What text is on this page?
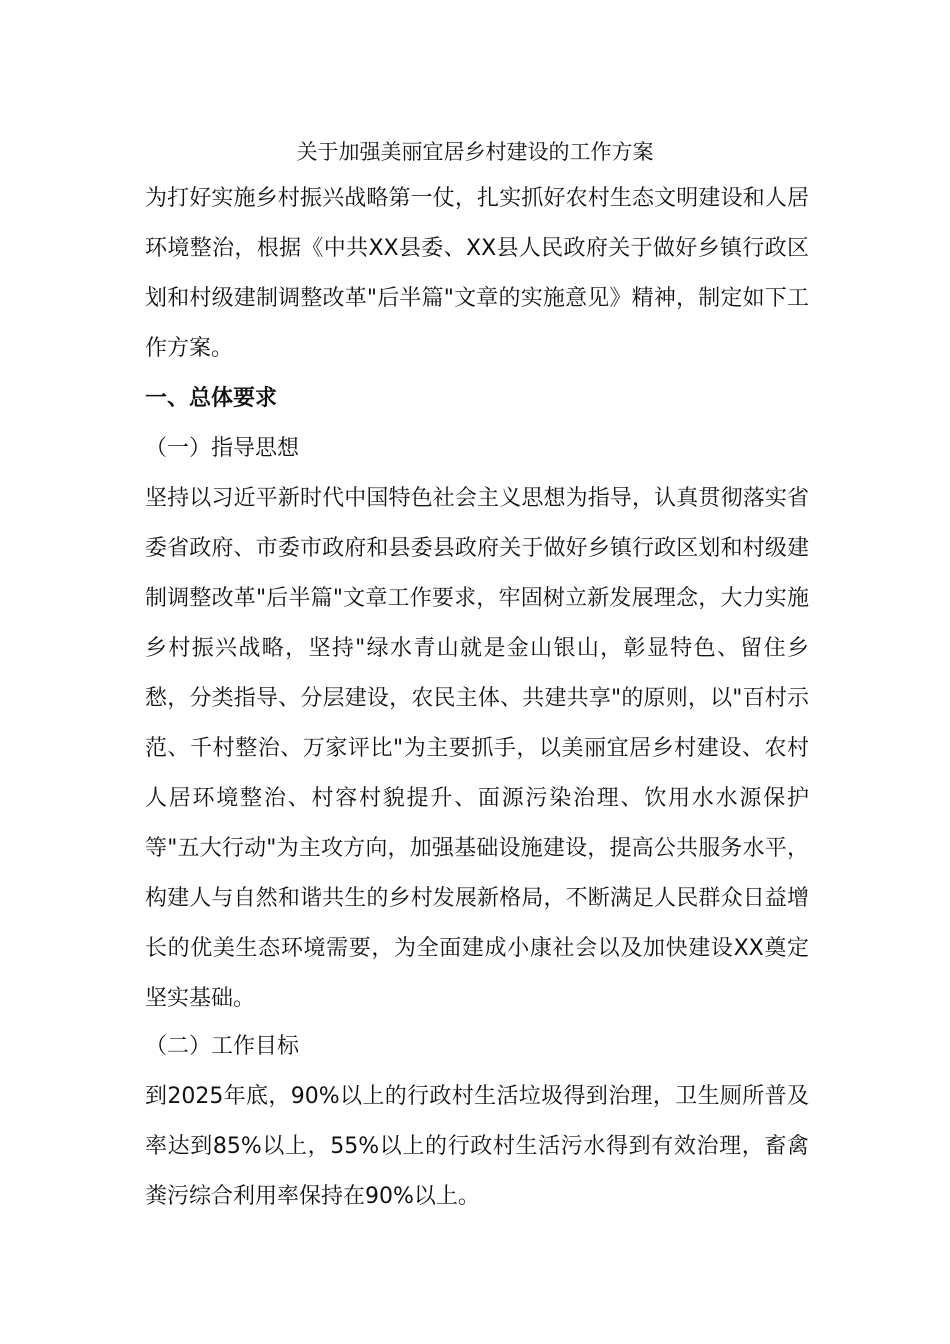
关于加强美丽宜居乡村建设的工作方案

为打好实施乡村振兴战略第一仗，扎实抓好农村生态文明建设和人居环境整治，根据《中共XX县委、XX县人民政府关于做好乡镇行政区划和村级建制调整改革"后半篇"文章的实施意见》精神，制定如下工作方案。

一、总体要求

（一）指导思想

坚持以习近平新时代中国特色社会主义思想为指导，认真贯彻落实省委省政府、市委市政府和县委县政府关于做好乡镇行政区划和村级建制调整改革"后半篇"文章工作要求，牢固树立新发展理念，大力实施乡村振兴战略，坚持"绿水青山就是金山银山，彰显特色、留住乡愁，分类指导、分层建设，农民主体、共建共享"的原则，以"百村示范、千村整治、万家评比"为主要抓手，以美丽宜居乡村建设、农村人居环境整治、村容村貌提升、面源污染治理、饮用水水源保护等"五大行动"为主攻方向，加强基础设施建设，提高公共服务水平，构建人与自然和谐共生的乡村发展新格局，不断满足人民群众日益增长的优美生态环境需要，为全面建成小康社会以及加快建设XX奠定坚实基础。

（二）工作目标

到2025年底，90%以上的行政村生活垃圾得到治理，卫生厕所普及率达到85%以上，55%以上的行政村生活污水得到有效治理，畜禽粪污综合利用率保持在90%以上。
